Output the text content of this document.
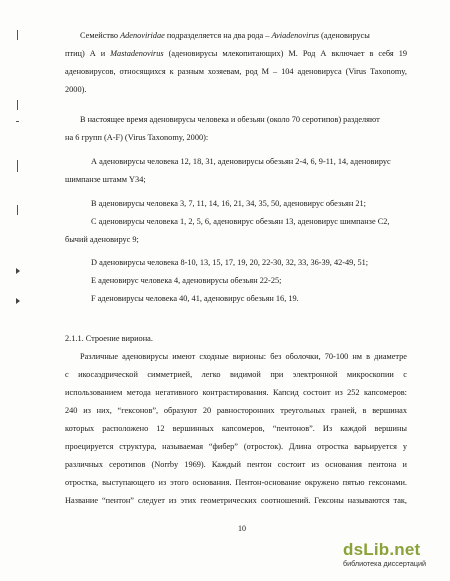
Семейство Adenoviridae подразделяется на два рода – Aviadenovirus (аденовирусы
птиц) А и Mastadenovirus (аденовирусы млекопитающих) М. Род А включает в себя 19
аденовирусов, относящихся к разным хозяевам, род М – 104 аденовируса (Virus Taxonomy,
2000).
В настоящее время аденовирусы человека и обезьян (около 70 серотипов) разделяют
на 6 групп (A-F) (Virus Taxonomy, 2000):
А аденовирусы человека 12, 18, 31, аденовирусы обезьян 2-4, 6, 9-11, 14, аденовирус
шимпанзе штамм Y34;
В аденовирусы человека 3, 7, 11, 14, 16, 21, 34, 35, 50, аденовирус обезьян 21;
С аденовирусы человека 1, 2, 5, 6, аденовирус обезьян 13, аденовирус шимпанзе С2,
бычий аденовирус 9;
D аденовирусы человека 8-10, 13, 15, 17, 19, 20, 22-30, 32, 33, 36-39, 42-49, 51;
Е аденовирус человека 4, аденовирусы обезьян 22-25;
F аденовирусы человека 40, 41, аденовирус обезьян 16, 19.
2.1.1. Строение вириона.
Различные аденовирусы имеют сходные вирионы: без оболочки, 70-100 нм в диаметре
с икосаэдрической симметрией, легко видимой при электронной микроскопии с
использованием метода негативного контрастирования. Капсид состоит из 252 капсомеров:
240 из них, “гексонов”, образуют 20 равносторонних треугольных граней, в вершинах
которых расположено 12 вершинных капсомеров, “пентонов”. Из каждой вершины
проецируется структура, называемая “фибер” (отросток). Длина отростка варьируется у
различных серотипов (Norrby 1969). Каждый пентон состоит из основания пентона и
отростка, выступающего из этого основания. Пентон-основание окружено пятью гексонами.
Название “пентон” следует из этих геометрических соотношений. Гексоны называются так,
10
dsLib.net
библиотека диссертаций
